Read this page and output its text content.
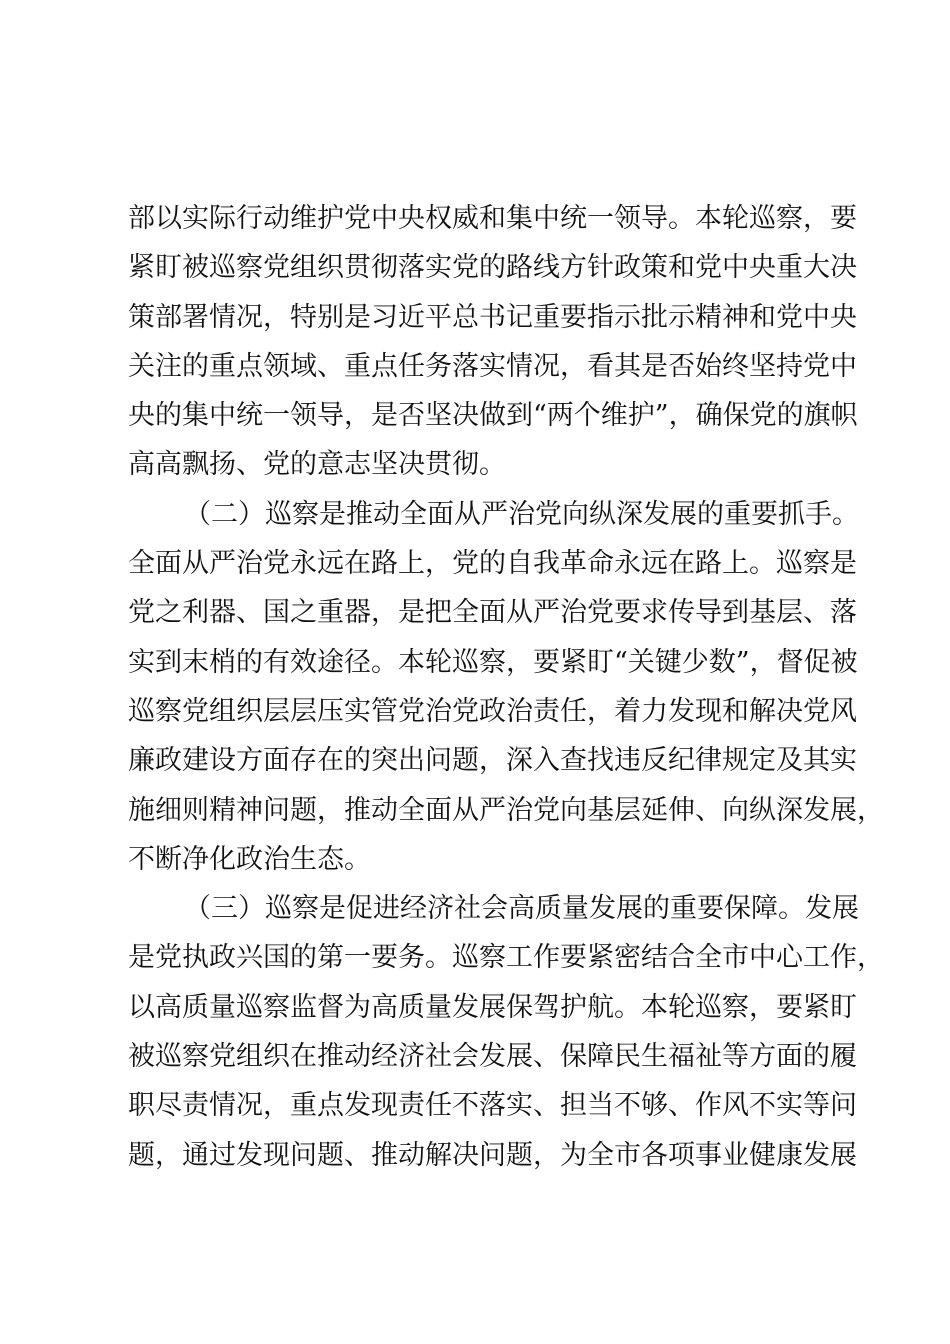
部以实际行动维护党中央权威和集中统一领导。本轮巡察，要
紧盯被巡察党组织贯彻落实党的路线方针政策和党中央重大决
策部署情况，特别是习近平总书记重要指示批示精神和党中央
关注的重点领域、重点任务落实情况，看其是否始终坚持党中
央的集中统一领导，是否坚决做到“两个维护”，确保党的旗帜
高高飘扬、党的意志坚决贯彻。
（二）巡察是推动全面从严治党向纵深发展的重要抓手。
全面从严治党永远在路上，党的自我革命永远在路上。巡察是
党之利器、国之重器，是把全面从严治党要求传导到基层、落
实到末梢的有效途径。本轮巡察，要紧盯“关键少数”，督促被
巡察党组织层层压实管党治党政治责任，着力发现和解决党风
廉政建设方面存在的突出问题，深入查找违反纪律规定及其实
施细则精神问题，推动全面从严治党向基层延伸、向纵深发展，
不断净化政治生态。
（三）巡察是促进经济社会高质量发展的重要保障。发展
是党执政兴国的第一要务。巡察工作要紧密结合全市中心工作，
以高质量巡察监督为高质量发展保驾护航。本轮巡察，要紧盯
被巡察党组织在推动经济社会发展、保障民生福祉等方面的履
职尽责情况，重点发现责任不落实、担当不够、作风不实等问
题，通过发现问题、推动解决问题，为全市各项事业健康发展
